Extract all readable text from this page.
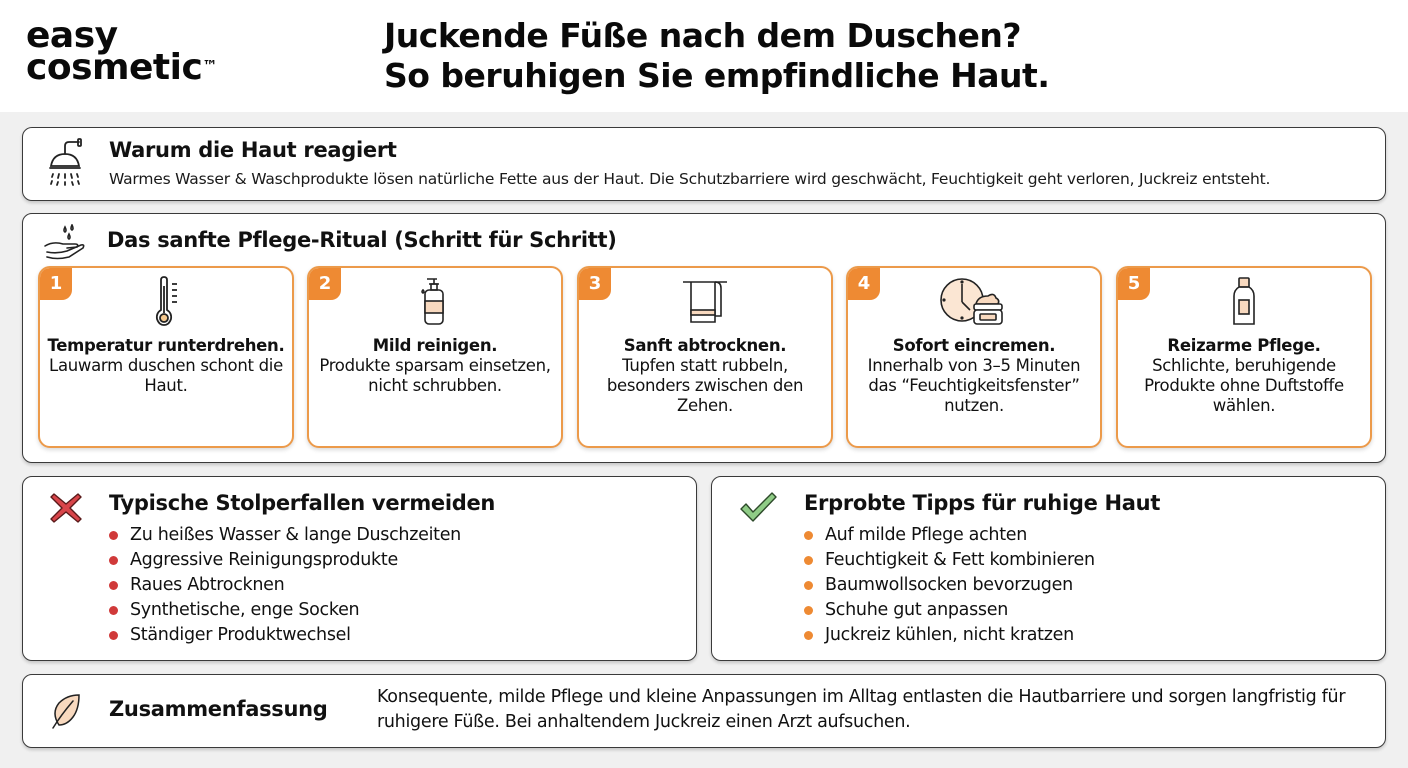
easy
cosmetic™
Juckende Füße nach dem Duschen?
So beruhigen Sie empfindliche Haut.
Warum die Haut reagiert

Warmes Wasser & Waschprodukte lösen natürliche Fette aus der Haut. Die Schutzbarriere wird geschwächt, Feuchtigkeit geht verloren, Juckreiz entsteht.

Das sanfte Pflege-Ritual (Schritt für Schritt)
1
Temperatur runterdrehen.
Lauwarm duschen schont die Haut.
2
Mild reinigen.
Produkte sparsam einsetzen, nicht schrubben.
3
Sanft abtrocknen.
Tupfen statt rubbeln, besonders zwischen den Zehen.
4
Sofort eincremen.
Innerhalb von 3–5 Minuten das “Feuchtigkeitsfenster” nutzen.
5
Reizarme Pflege.
Schlichte, beruhigende Produkte ohne Duftstoffe wählen.
Typische Stolperfallen vermeiden
Zu heißes Wasser & lange Duschzeiten
Aggressive Reinigungsprodukte
Raues Abtrocknen
Synthetische, enge Socken
Ständiger Produktwechsel
Erprobte Tipps für ruhige Haut
Auf milde Pflege achten
Feuchtigkeit & Fett kombinieren
Baumwollsocken bevorzugen
Schuhe gut anpassen
Juckreiz kühlen, nicht kratzen
Zusammenfassung	Konsequente, milde Pflege und kleine Anpassungen im Alltag entlasten die Hautbarriere und sorgen langfristig für ruhigere Füße. Bei anhaltendem Juckreiz einen Arzt aufsuchen.
